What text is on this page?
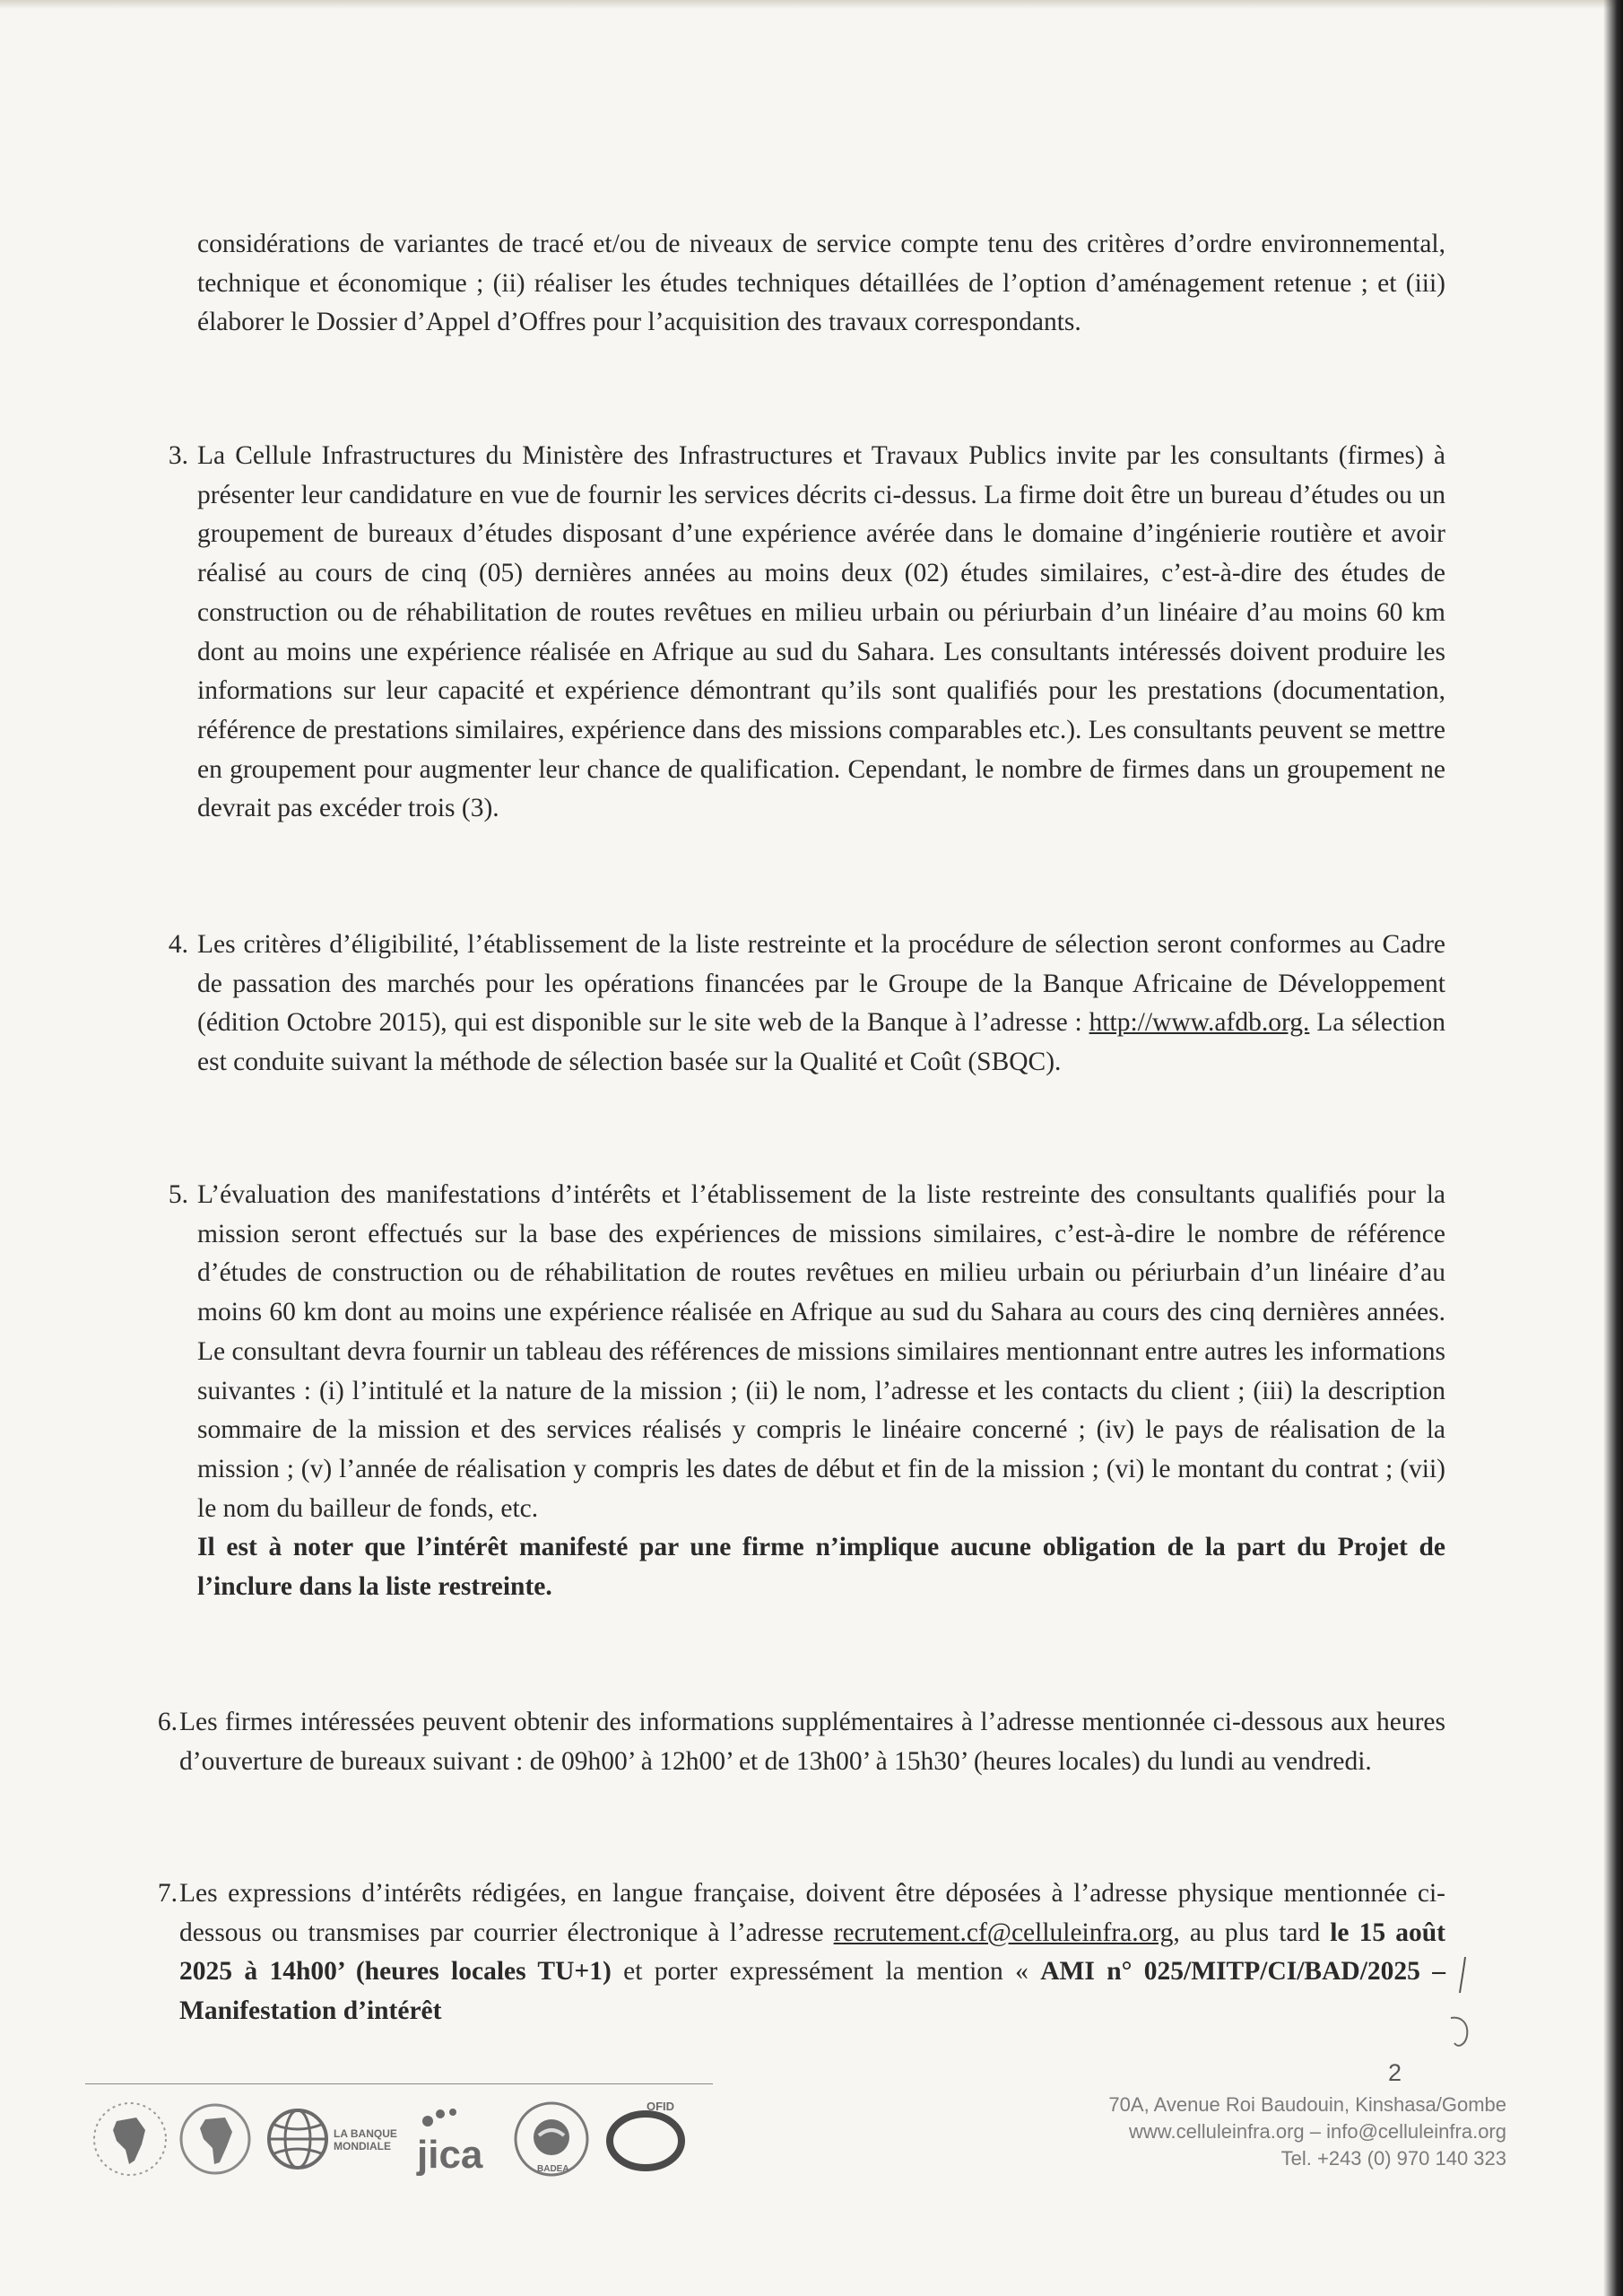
considérations de variantes de tracé et/ou de niveaux de service compte tenu des critères d’ordre environnemental, technique et économique ; (ii) réaliser les études techniques détaillées de l’option d’aménagement retenue ; et (iii) élaborer le Dossier d’Appel d’Offres pour l’acquisition des travaux correspondants.

3. La Cellule Infrastructures du Ministère des Infrastructures et Travaux Publics invite par les consultants (firmes) à présenter leur candidature en vue de fournir les services décrits ci-dessus. La firme doit être un bureau d’études ou un groupement de bureaux d’études disposant d’une expérience avérée dans le domaine d’ingénierie routière et avoir réalisé au cours de cinq (05) dernières années au moins deux (02) études similaires, c’est-à-dire des études de construction ou de réhabilitation de routes revêtues en milieu urbain ou périurbain d’un linéaire d’au moins 60 km dont au moins une expérience réalisée en Afrique au sud du Sahara. Les consultants intéressés doivent produire les informations sur leur capacité et expérience démontrant qu’ils sont qualifiés pour les prestations (documentation, référence de prestations similaires, expérience dans des missions comparables etc.). Les consultants peuvent se mettre en groupement pour augmenter leur chance de qualification. Cependant, le nombre de firmes dans un groupement ne devrait pas excéder trois (3).

4. Les critères d’éligibilité, l’établissement de la liste restreinte et la procédure de sélection seront conformes au Cadre de passation des marchés pour les opérations financées par le Groupe de la Banque Africaine de Développement (édition Octobre 2015), qui est disponible sur le site web de la Banque à l’adresse : http://www.afdb.org. La sélection est conduite suivant la méthode de sélection basée sur la Qualité et Coût (SBQC).

5. L’évaluation des manifestations d’intérêts et l’établissement de la liste restreinte des consultants qualifiés pour la mission seront effectués sur la base des expériences de missions similaires, c’est-à-dire le nombre de référence d’études de construction ou de réhabilitation de routes revêtues en milieu urbain ou périurbain d’un linéaire d’au moins 60 km dont au moins une expérience réalisée en Afrique au sud du Sahara au cours des cinq dernières années. Le consultant devra fournir un tableau des références de missions similaires mentionnant entre autres les informations suivantes : (i) l’intitulé et la nature de la mission ; (ii) le nom, l’adresse et les contacts du client ; (iii) la description sommaire de la mission et des services réalisés y compris le linéaire concerné ; (iv) le pays de réalisation de la mission ; (v) l’année de réalisation y compris les dates de début et fin de la mission ; (vi) le montant du contrat ; (vii) le nom du bailleur de fonds, etc.
Il est à noter que l’intérêt manifesté par une firme n’implique aucune obligation de la part du Projet de l’inclure dans la liste restreinte.

6. Les firmes intéressées peuvent obtenir des informations supplémentaires à l’adresse mentionnée ci-dessous aux heures d’ouverture de bureaux suivant : de 09h00’ à 12h00’ et de 13h00’ à 15h30’ (heures locales) du lundi au vendredi.

7. Les expressions d’intérêts rédigées, en langue française, doivent être déposées à l’adresse physique mentionnée ci-dessous ou transmises par courrier électronique à l’adresse recrutement.cf@celluleinfra.org, au plus tard le 15 août 2025 à 14h00’ (heures locales TU+1) et porter expressément la mention « AMI n° 025/MITP/CI/BAD/2025 – Manifestation d’intérêt

2
LA BANQUE
MONDIALE jica	BADEA
OFID	70A, Avenue Roi Baudouin, Kinshasa/Gombe
www.celluleinfra.org – info@celluleinfra.org
Tel. +243 (0) 970 140 323
